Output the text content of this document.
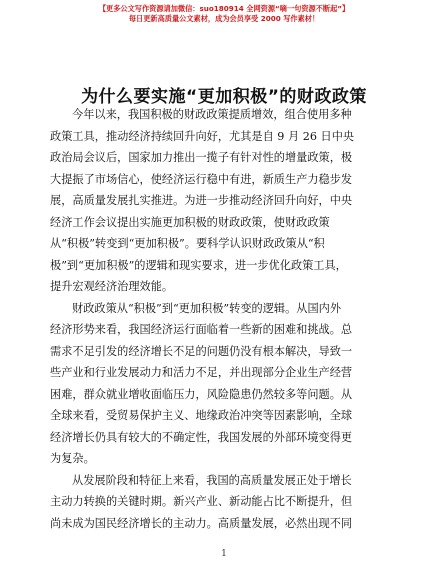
【更多公文写作资源请加微信：suo180914 全网资源“嘀一句资源不断起”】
每日更新高质量公文素材，成为会员享受 2000 写作素材！
为什么要实施“更加积极”的财政政策
今年以来，我国积极的财政政策提质增效，组合使用多种
政策工具，推动经济持续回升向好，尤其是自 9 月 26 日中央
政治局会议后，国家加力推出一揽子有针对性的增量政策，极
大提振了市场信心，使经济运行稳中有进，新质生产力稳步发
展，高质量发展扎实推进。为进一步推动经济回升向好，中央
经济工作会议提出实施更加积极的财政政策，使财政政策
从“积极”转变到“更加积极”。要科学认识财政政策从“积
极”到“更加积极”的逻辑和现实要求，进一步优化政策工具，
提升宏观经济治理效能。
财政政策从“积极”到“更加积极”转变的逻辑。从国内外
经济形势来看，我国经济运行面临着一些新的困难和挑战。总
需求不足引发的经济增长不足的问题仍没有根本解决，导致一
些产业和行业发展动力和活力不足，并出现部分企业生产经营
困难，群众就业增收面临压力，风险隐患仍然较多等问题。从
全球来看，受贸易保护主义、地缘政治冲突等因素影响，全球
经济增长仍具有较大的不确定性，我国发展的外部环境变得更
为复杂。
从发展阶段和特征上来看，我国的高质量发展正处于增长
主动力转换的关键时期。新兴产业、新动能占比不断提升，但
尚未成为国民经济增长的主动力。高质量发展，必然出现不同
1
